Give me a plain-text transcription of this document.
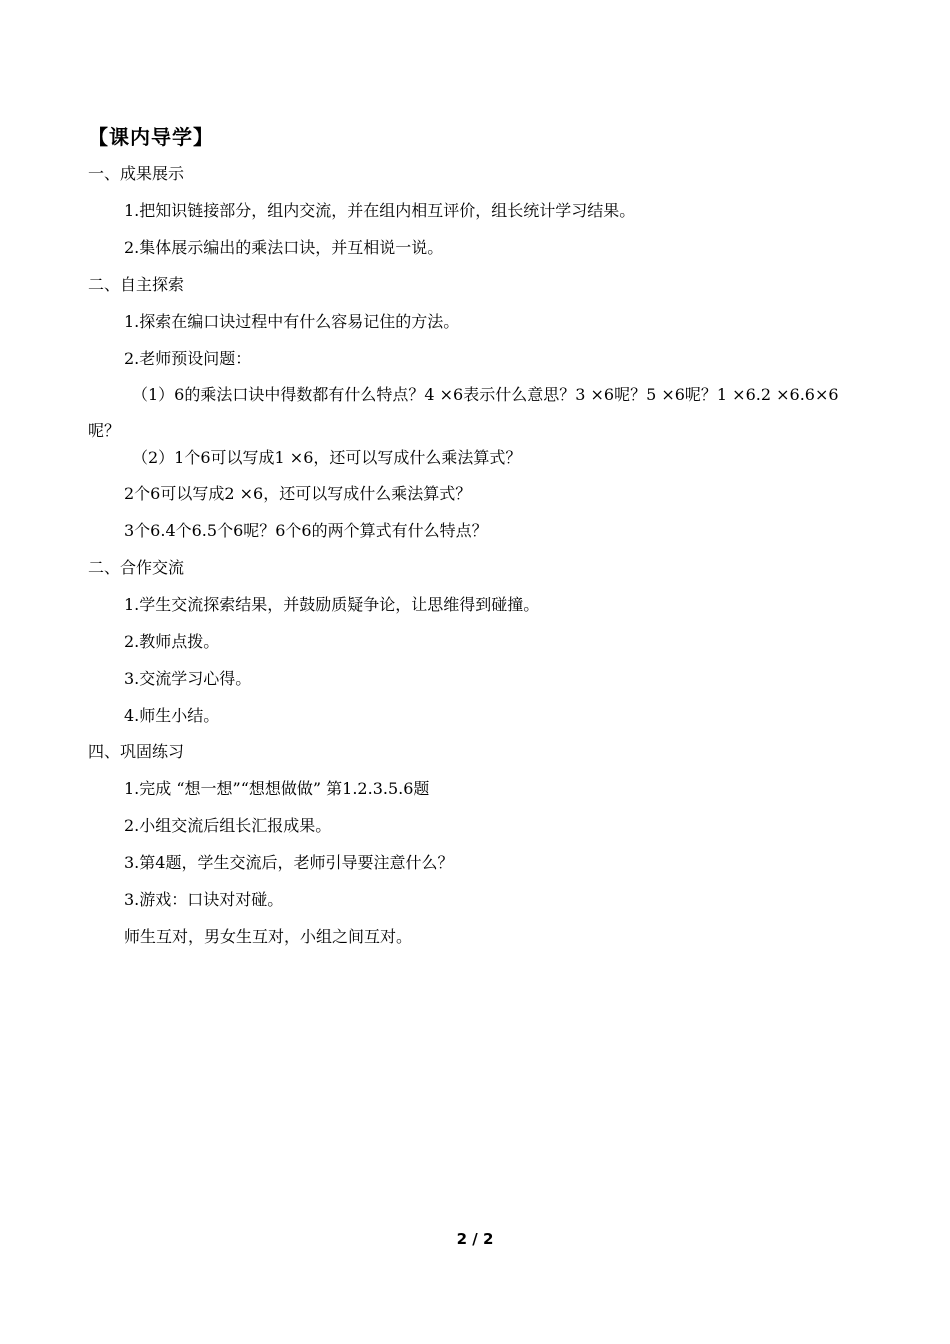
【课内导学】
一、成果展示
1.把知识链接部分，组内交流，并在组内相互评价，组长统计学习结果。
2.集体展示编出的乘法口诀，并互相说一说。
二、自主探索
1.探索在编口诀过程中有什么容易记住的方法。
2.老师预设问题：
（1）6的乘法口诀中得数都有什么特点？4 ×6表示什么意思？3 ×6呢？5 ×6呢？1 ×6.2 ×6.6×6呢？
（2）1个6可以写成1 ×6，还可以写成什么乘法算式？
2个6可以写成2 ×6，还可以写成什么乘法算式？
3个6.4个6.5个6呢？6个6的两个算式有什么特点？
二、合作交流
1.学生交流探索结果，并鼓励质疑争论，让思维得到碰撞。
2.教师点拨。
3.交流学习心得。
4.师生小结。
四、巩固练习
1.完成 “想一想”“想想做做” 第1.2.3.5.6题
2.小组交流后组长汇报成果。
3.第4题，学生交流后，老师引导要注意什么？
3.游戏：口诀对对碰。
师生互对，男女生互对，小组之间互对。
2 / 2
